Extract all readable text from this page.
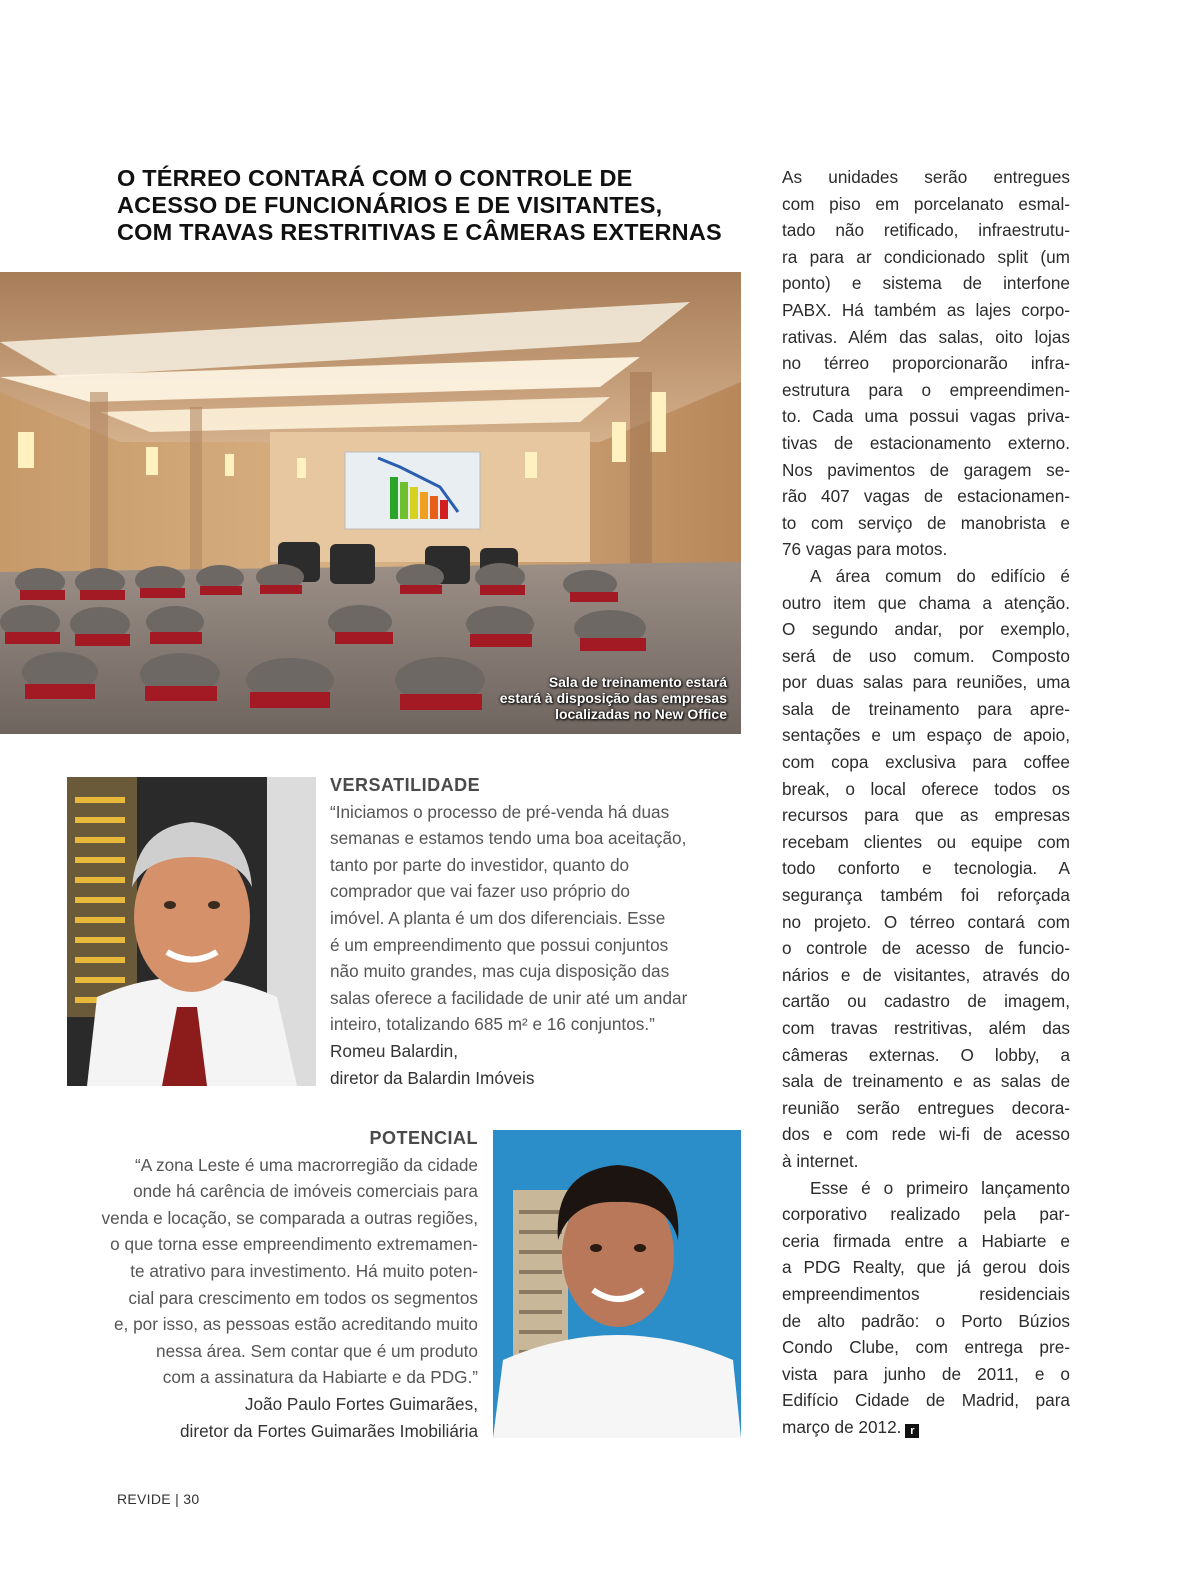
O TÉRREO CONTARÁ COM O CONTROLE DE
ACESSO DE FUNCIONÁRIOS E DE VISITANTES,
COM TRAVAS RESTRITIVAS E CÂMERAS EXTERNAS
Sala de treinamento estará
estará à disposição das empresas
localizadas no New Office
VERSATILIDADE
“Iniciamos o processo de pré-venda há duas
semanas e estamos tendo uma boa aceitação,
tanto por parte do investidor, quanto do
comprador que vai fazer uso próprio do
imóvel. A planta é um dos diferenciais. Esse
é um empreendimento que possui conjuntos
não muito grandes, mas cuja disposição das
salas oferece a facilidade de unir até um andar
inteiro, totalizando 685 m² e 16 conjuntos.”
Romeu Balardin,
diretor da Balardin Imóveis
POTENCIAL
“A zona Leste é uma macrorregião da cidade
onde há carência de imóveis comerciais para
venda e locação, se comparada a outras regiões,
o que torna esse empreendimento extremamen-
te atrativo para investimento. Há muito poten-
cial para crescimento em todos os segmentos
e, por isso, as pessoas estão acreditando muito
nessa área. Sem contar que é um produto
com a assinatura da Habiarte e da PDG.”
João Paulo Fortes Guimarães,
diretor da Fortes Guimarães Imobiliária
As unidades serão entregues
com piso em porcelanato esmal-
tado não retificado, infraestrutu-
ra para ar condicionado split (um
ponto) e sistema de interfone
PABX. Há também as lajes corpo-
rativas. Além das salas, oito lojas
no térreo proporcionarão infra-
estrutura para o empreendimen-
to. Cada uma possui vagas priva-
tivas de estacionamento externo.
Nos pavimentos de garagem se-
rão 407 vagas de estacionamen-
to com serviço de manobrista e
76 vagas para motos.
A área comum do edifício é
outro item que chama a atenção.
O segundo andar, por exemplo,
será de uso comum. Composto
por duas salas para reuniões, uma
sala de treinamento para apre-
sentações e um espaço de apoio,
com copa exclusiva para coffee
break, o local oferece todos os
recursos para que as empresas
recebam clientes ou equipe com
todo conforto e tecnologia. A
segurança também foi reforçada
no projeto. O térreo contará com
o controle de acesso de funcio-
nários e de visitantes, através do
cartão ou cadastro de imagem,
com travas restritivas, além das
câmeras externas. O lobby, a
sala de treinamento e as salas de
reunião serão entregues decora-
dos e com rede wi-fi de acesso
à internet.
Esse é o primeiro lançamento
corporativo realizado pela par-
ceria firmada entre a Habiarte e
a PDG Realty, que já gerou dois
empreendimentos residenciais
de alto padrão: o Porto Búzios
Condo Clube, com entrega pre-
vista para junho de 2011, e o
Edifício Cidade de Madrid, para
março de 2012. r
REVIDE | 30
